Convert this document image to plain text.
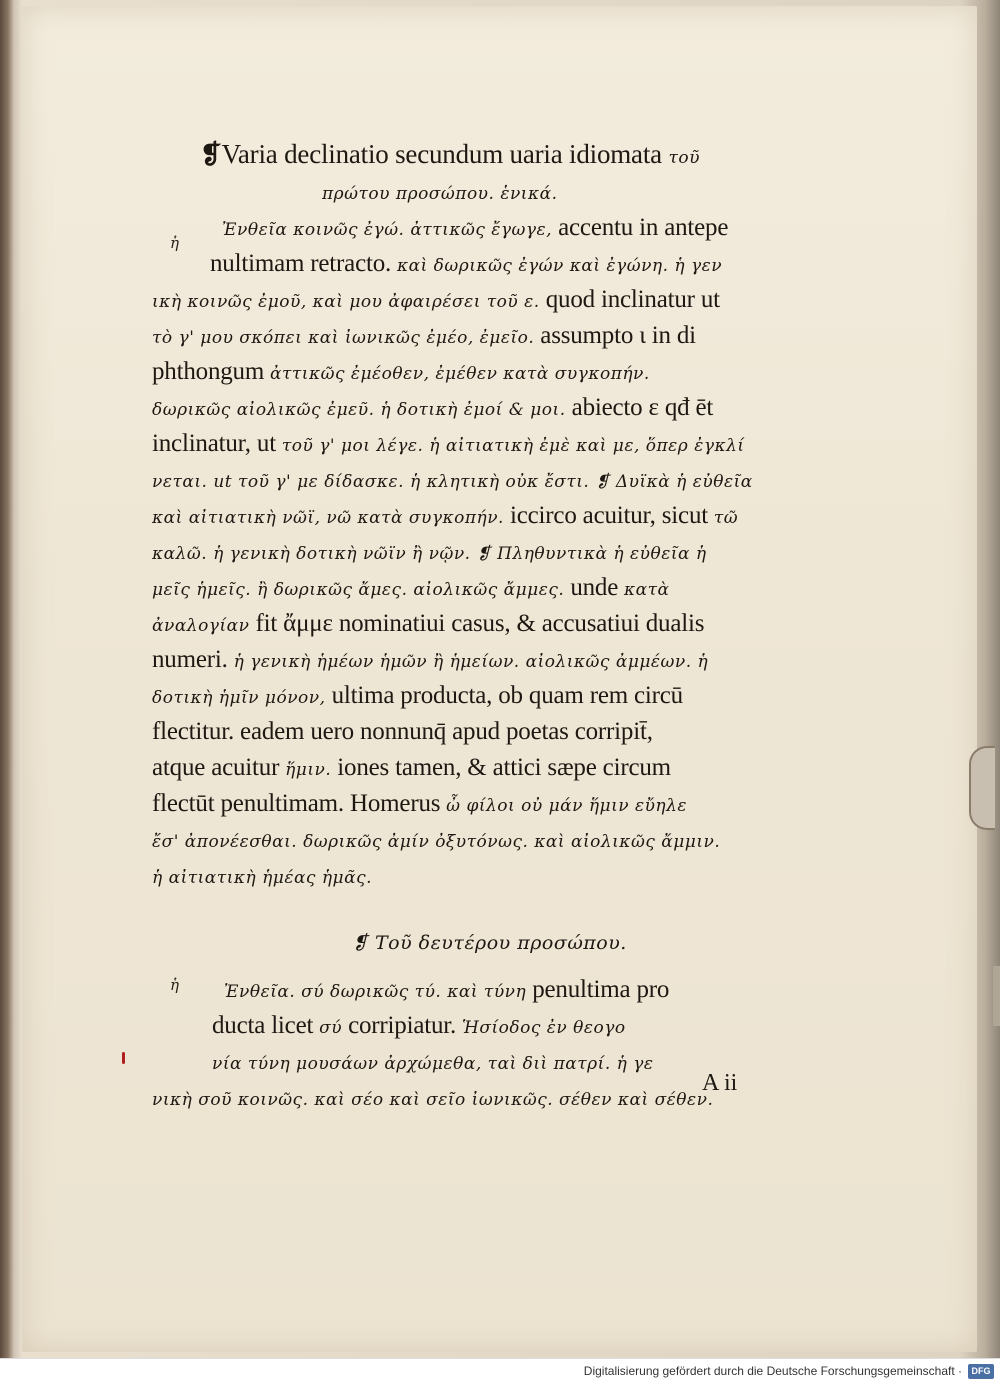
❡Varia declinatio secundum uaria idiomata τοῦ
πρώτου προσώπου. ἑνικά.
Ἐνθεῖα κοινῶς ἐγώ. ἀττικῶς ἔγωγε, accentu in antepe
nultimam retracto. καὶ δωρικῶς ἐγών καὶ ἐγώνη. ἡ γεν
ικὴ κοινῶς ἐμοῦ, καὶ μου ἀφαιρέσει τοῦ ε. quod inclinatur ut
τὸ γ' μου σκόπει καὶ ἰωνικῶς ἐμέο, ἐμεῖο. assumpto ι in di
phthongum ἀττικῶς ἐμέοθεν, ἐμέθεν κατὰ συγκοπήν.
δωρικῶς αἰολικῶς ἐμεῦ. ἡ δοτικὴ ἐμοί & μοι. abiecto ε qđ ēt
inclinatur, ut τοῦ γ' μοι λέγε. ἡ αἰτιατικὴ ἐμὲ καὶ με, ὅπερ ἐγκλί
νεται. ut τοῦ γ' με δίδασκε. ἡ κλητικὴ οὐκ ἔστι. ❡ Δυϊκὰ ἡ εὐθεῖα
καὶ αἰτιατικὴ νῶϊ, νῶ κατὰ συγκοπήν. iccirco acuitur, sicut τῶ
καλῶ. ἡ γενικὴ δοτικὴ νῶϊν ἢ νῷν. ❡ Πληθυντικὰ ἡ εὐθεῖα ἡ
μεῖς ἡμεῖς. ἢ δωρικῶς ἄμες. αἰολικῶς ἄμμες. unde κατὰ
ἀναλογίαν fit ἄμμε nominatiui casus, & accusatiui dualis
numeri. ἡ γενικὴ ἡμέων ἡμῶν ἢ ἡμείων. αἰολικῶς ἀμμέων. ἡ
δοτικὴ ἡμῖν μόνον, ultima producta, ob quam rem circū
flectitur. eadem uero nonnunq̄ apud poetas corripit̄,
atque acuitur ἥμιν. iones tamen, & attici sæpe circum
flectūt penultimam. Homerus ὦ φίλοι οὐ μάν ἥμιν εὔηλε
ἔσ' ἀπονέεσθαι. δωρικῶς ἀμίν ὀξυτόνως. καὶ αἰολικῶς ἄμμιν.
ἡ αἰτιατικὴ ἡμέας ἡμᾶς.
❡ Τοῦ δευτέρου προσώπου.
Ἐνθεῖα. σύ δωρικῶς τύ. καὶ τύνη penultima pro
ducta licet σύ corripiatur. Ἡσίοδος ἐν θεογο
νία τύνη μουσάων ἀρχώμεθα, ταὶ διὶ πατρί. ἡ γε
νικὴ σοῦ κοινῶς. καὶ σέο καὶ σεῖο ἰωνικῶς. σέθεν καὶ σέθεν.
ἡ
ἡ
A ii
Digitalisierung gefördert durch die Deutsche Forschungsgemeinschaft ·	DFG
